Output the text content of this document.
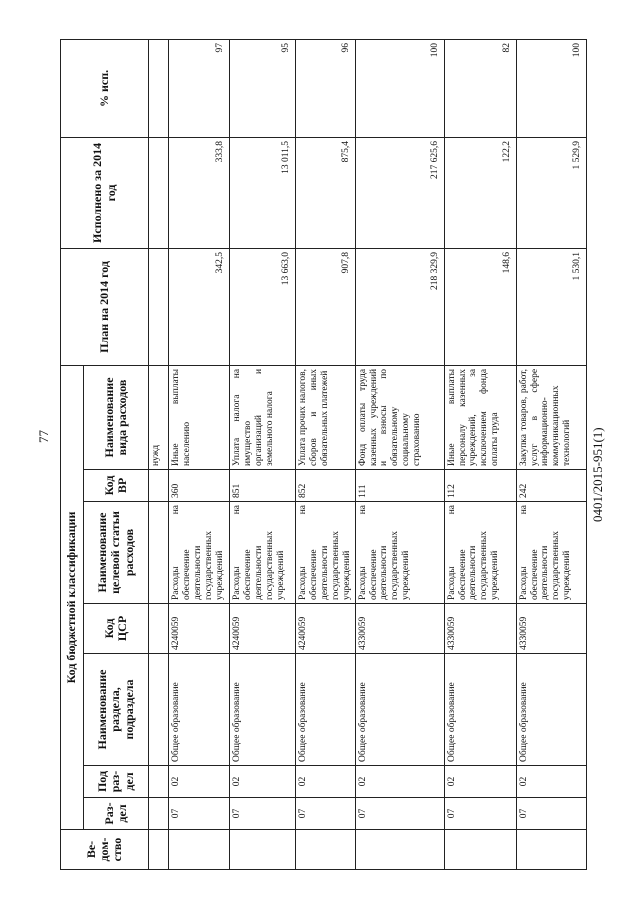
77	0401/2015-951(1)
Ве-дом-ство	Код бюджетной классификации							План на 2014 год	Исполнено за 2014 год	% исп.
	Раз-дел	Под раз-дел	Наименование раздела, подраздела	Код ЦСР	Наименование целевой статьи расходов	Код ВР	Наименование вида расходов			
							нужд			
	07	02	Общее образование	4240059	Расходы на обеспечение деятельности государственных учреждений	360	Иные выплаты населению	342,5	333,8	97
	07	02	Общее образование	4240059	Расходы на обеспечение деятельности государственных учреждений	851	Уплата налога на имущество организаций и земельного налога	13 663,0	13 011,5	95
	07	02	Общее образование	4240059	Расходы на обеспечение деятельности государственных учреждений	852	Уплата прочих налогов, сборов и иных обязательных платежей	907,8	875,4	96
	07	02	Общее образование	4330059	Расходы на обеспечение деятельности государственных учреждений	111	Фонд оплаты труда казенных учреждений и взносы по обязательному социальному страхованию	218 329,9	217 625,6	100
	07	02	Общее образование	4330059	Расходы на обеспечение деятельности государственных учреждений	112	Иные выплаты персоналу казенных учреждений, за исключением фонда оплаты труда	148,6	122,2	82
	07	02	Общее образование	4330059	Расходы на обеспечение деятельности государственных учреждений	242	Закупка товаров, работ, услуг в сфере информационно-коммуникационных технологий	1 530,1	1 529,9	100
